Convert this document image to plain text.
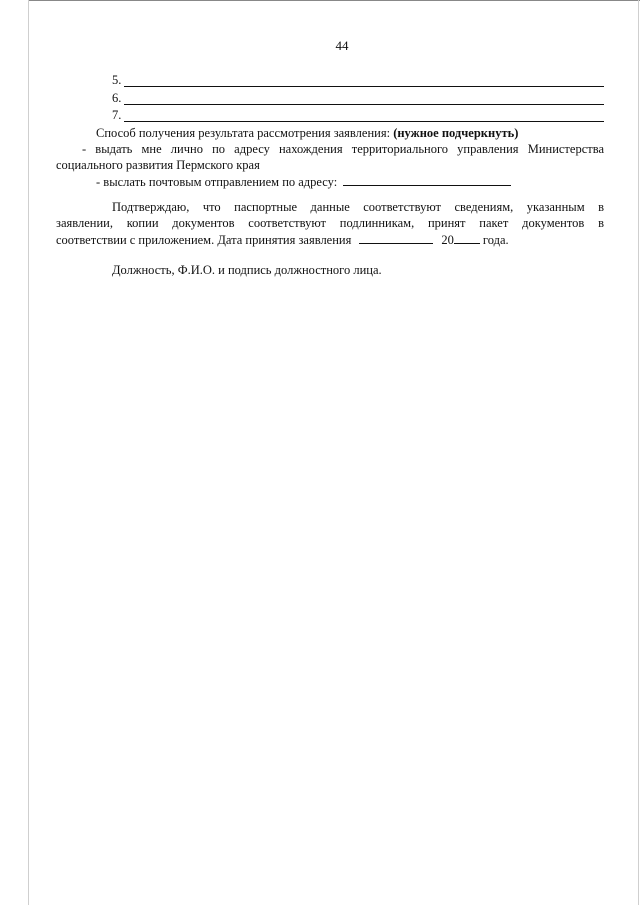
44
5.
6.
7.
Способ получения результата рассмотрения заявления: (нужное подчеркнуть)
- выдать мне лично по адресу нахождения территориального управления Министерства
социального развития Пермского края
- выслать почтовым отправлением по адресу:
Подтверждаю, что паспортные данные соответствуют сведениям, указанным в
заявлении, копии документов соответствуют подлинникам, принят пакет документов в
соответствии с приложением. Дата принятия заявления	20 года.
Должность, Ф.И.О. и подпись должностного лица.
